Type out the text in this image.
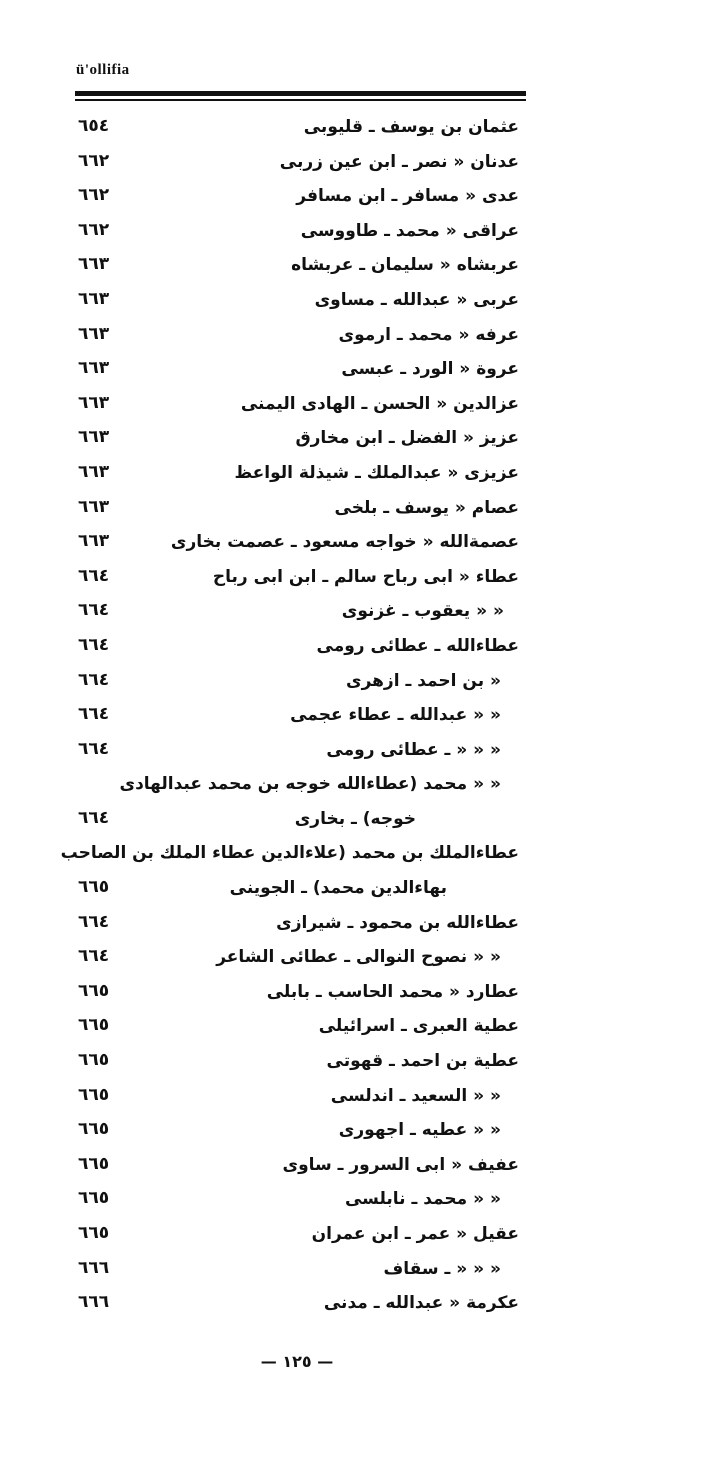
ü'ollifia
عثمان بن یوسف ـ قلیوبی
٦٥٤
عدنان « نصر ـ ابن عین زربی
٦٦٢
عدی « مسافر ـ ابن مسافر
٦٦٢
عراقی « محمد ـ طاووسی
٦٦٢
عربشاه « سلیمان ـ عربشاه
٦٦٣
عربی « عبدالله ـ مساوی
٦٦٣
عرفه « محمد ـ ارموی
٦٦٣
عروة « الورد ـ عبسی
٦٦٣
عزالدین « الحسن ـ الهادی الیمنی
٦٦٣
عزیز « الفضل ـ ابن مخارق
٦٦٣
عزیزی « عبدالملك ـ شیذلة الواعظ
٦٦٣
عصام « یوسف ـ بلخی
٦٦٣
عصمةالله « خواجه مسعود ـ عصمت بخاری
٦٦٣
عطاء « ابی رباح سالم ـ ابن ابی رباح
٦٦٤
« « یعقوب ـ غزنوی
٦٦٤
عطاءالله ـ عطائی رومی
٦٦٤
« بن احمد ـ ازهری
٦٦٤
« « عبدالله ـ عطاء عجمی
٦٦٤
« « « ـ عطائی رومی
٦٦٤
« « محمد (عطاءالله خوجه بن محمد عبدالهادی
خوجه) ـ بخاری
٦٦٤
عطاءالملك بن محمد (علاءالدین عطاء الملك بن الصاحب
بهاءالدین محمد) ـ الجوینی
٦٦٥
عطاءالله بن محمود ـ شیرازی
٦٦٤
« « نصوح النوالی ـ عطائی الشاعر
٦٦٤
عطارد « محمد الحاسب ـ بابلی
٦٦٥
عطیة العبری ـ اسرائیلی
٦٦٥
عطیة بن احمد ـ قهوتی
٦٦٥
« « السعید ـ اندلسی
٦٦٥
« « عطیه ـ اجهوری
٦٦٥
عفیف « ابی السرور ـ ساوی
٦٦٥
« « محمد ـ نابلسی
٦٦٥
عقیل « عمر ـ ابن عمران
٦٦٥
« « « ـ سقاف
٦٦٦
عکرمة « عبدالله ـ مدنی
٦٦٦
— ١٢٥ —
